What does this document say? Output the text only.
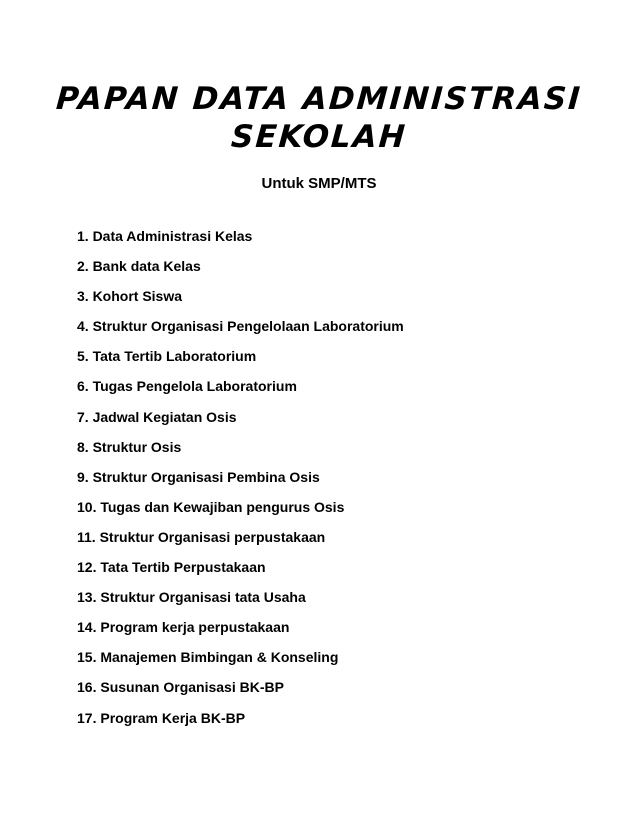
PAPAN DATA ADMINISTRASI
SEKOLAH
Untuk SMP/MTS
1. Data Administrasi Kelas
2. Bank data Kelas
3. Kohort Siswa
4. Struktur Organisasi Pengelolaan Laboratorium
5. Tata Tertib Laboratorium
6. Tugas Pengelola Laboratorium
7. Jadwal Kegiatan Osis
8. Struktur Osis
9. Struktur Organisasi Pembina Osis
10. Tugas dan Kewajiban pengurus Osis
11. Struktur Organisasi perpustakaan
12. Tata Tertib Perpustakaan
13. Struktur Organisasi tata Usaha
14. Program kerja perpustakaan
15. Manajemen Bimbingan & Konseling
16. Susunan Organisasi BK-BP
17. Program Kerja BK-BP
